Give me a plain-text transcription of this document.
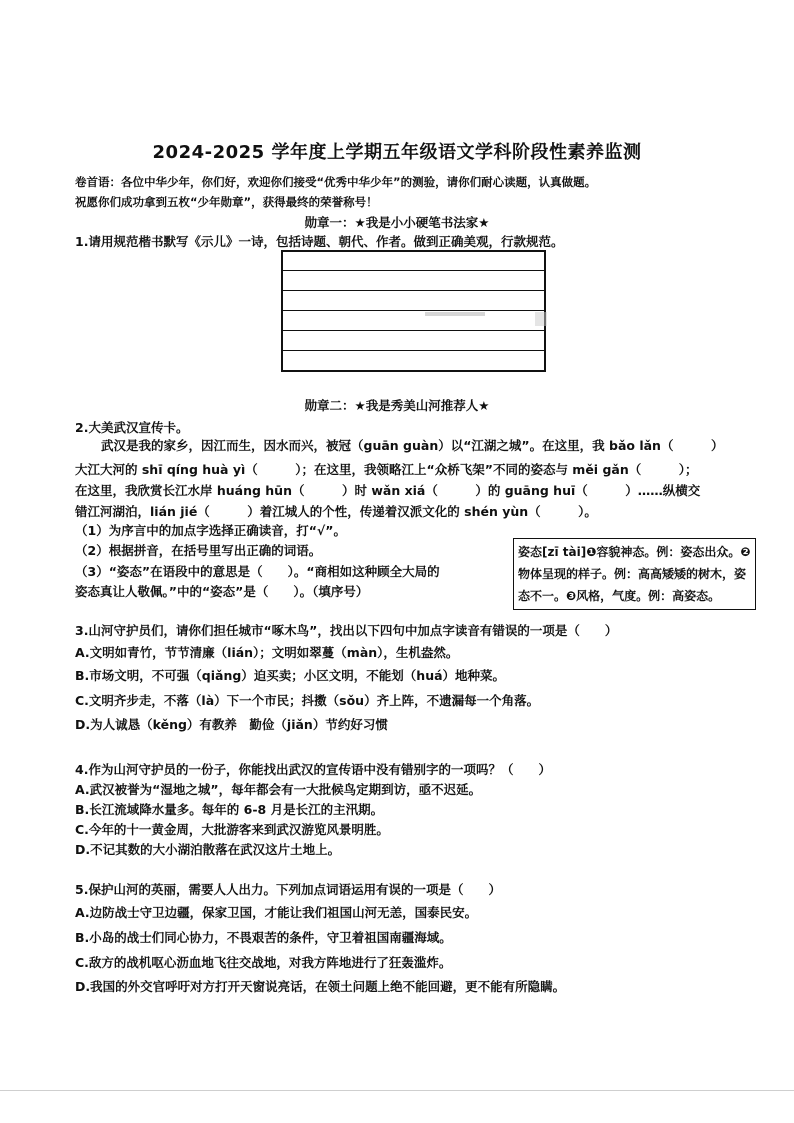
2024-2025 学年度上学期五年级语文学科阶段性素养监测
卷首语：各位中华少年，你们好，欢迎你们接受“优秀中华少年”的测验，请你们耐心读题，认真做题。
祝愿你们成功拿到五枚“少年勋章”，获得最终的荣誉称号！
勋章一：★我是小小硬笔书法家★
1.请用规范楷书默写《示儿》一诗，包括诗题、朝代、作者。做到正确美观，行款规范。
勋章二：★我是秀美山河推荐人★
2.大美武汉宣传卡。
武汉是我的家乡，因江而生，因水而兴，被冠（guān guàn）以“江湖之城”。在这里，我 bǎo lǎn（　　　）
大江大河的 shī qíng huà yì（　　　）；在这里，我领略江上“众桥飞架”不同的姿态与 měi gǎn（　　　）；
在这里，我欣赏长江水岸 huáng hūn（　　　）时 wǎn xiá（　　　）的 guāng huī（　　　）……纵横交
错江河湖泊，lián jié（　　　）着江城人的个性，传递着汉派文化的 shén yùn（　　　）。
（1）为序言中的加点字选择正确读音，打“√”。
（2）根据拼音，在括号里写出正确的词语。
（3）“姿态”在语段中的意思是（　　）。“商相如这种顾全大局的
姿态真让人敬佩。”中的“姿态”是（　　）。（填序号）
姿态[zī tài]❶容貌神态。例：姿态出众。❷物体呈现的样子。例：高高矮矮的树木，姿态不一。❸风格，气度。例：高姿态。
3.山河守护员们，请你们担任城市“啄木鸟”，找出以下四句中加点字读音有错误的一项是（　　）
A.文明如青竹，节节清廉（lián）；文明如翠蔓（màn），生机盎然。
B.市场文明，不可强（qiǎng）迫买卖；小区文明，不能划（huá）地种菜。
C.文明齐步走，不落（là）下一个市民；抖擞（sǒu）齐上阵，不遗漏每一个角落。
D.为人诚恳（kěng）有教养　勤俭（jiǎn）节约好习惯
4.作为山河守护员的一份子，你能找出武汉的宣传语中没有错别字的一项吗？（　　）
A.武汉被誉为“湿地之城”，每年都会有一大批候鸟定期到访，亟不迟延。
B.长江流域降水量多。每年的 6-8 月是长江的主汛期。
C.今年的十一黄金周，大批游客来到武汉游览风景明胜。
D.不记其数的大小湖泊散落在武汉这片土地上。
5.保护山河的英丽，需要人人出力。下列加点词语运用有误的一项是（　　）
A.边防战士守卫边疆，保家卫国，才能让我们祖国山河无恙，国泰民安。
B.小岛的战士们同心协力，不畏艰苦的条件，守卫着祖国南疆海域。
C.敌方的战机呕心沥血地飞往交战地，对我方阵地进行了狂轰滥炸。
D.我国的外交官呼吁对方打开天窗说亮话，在领土问题上绝不能回避，更不能有所隐瞒。
